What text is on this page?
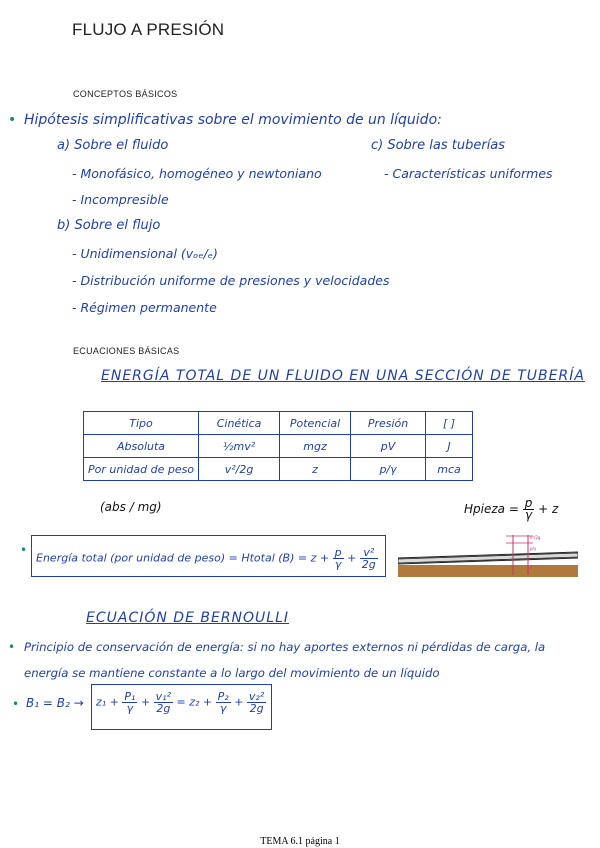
FLUJO A PRESIÓN
CONCEPTOS BÁSICOS
• Hipótesis simplificativas sobre el movimiento de un líquido:
a) Sobre el fluido
- Monofásico, homogéneo y newtoniano
- Incompresible
c) Sobre las tuberías
- Características uniformes
b) Sobre el flujo
- Unidimensional (vₒₑ/ₑ)
- Distribución uniforme de presiones y velocidades
- Régimen permanente
ECUACIONES BÁSICAS
ENERGÍA TOTAL DE UN FLUIDO EN UNA SECCIÓN DE TUBERÍA
Tipo	Cinética	Potencial	Presión	[ ]
Absoluta	½mv²	mgz	pV	J
Por unidad de peso	v²/2g	z	p/γ	mca
(abs / mg)	Hpieza = $\frac{p}{\gamma} + z$
•
Energía total (por unidad de peso) = Htotal $(B) = z + \frac{p}{\gamma} + \frac{\text{v²}}{2g}$
v²/2g
p/γ
z
ECUACIÓN DE BERNOULLI
• Principio de conservación de energía: si no hay aportes externos ni pérdidas de carga, la
energía se mantiene constante a lo largo del movimiento de un líquido
• $B_1 = B_2 \to z_1 + \frac{\text{P₁}}{\gamma} + \frac{\text{v₁²}}{2g} = z_2 + \frac{\text{P₂}}{\gamma} + \frac{\text{v₂²}}{2g}$
TEMA 6.1 página 1
